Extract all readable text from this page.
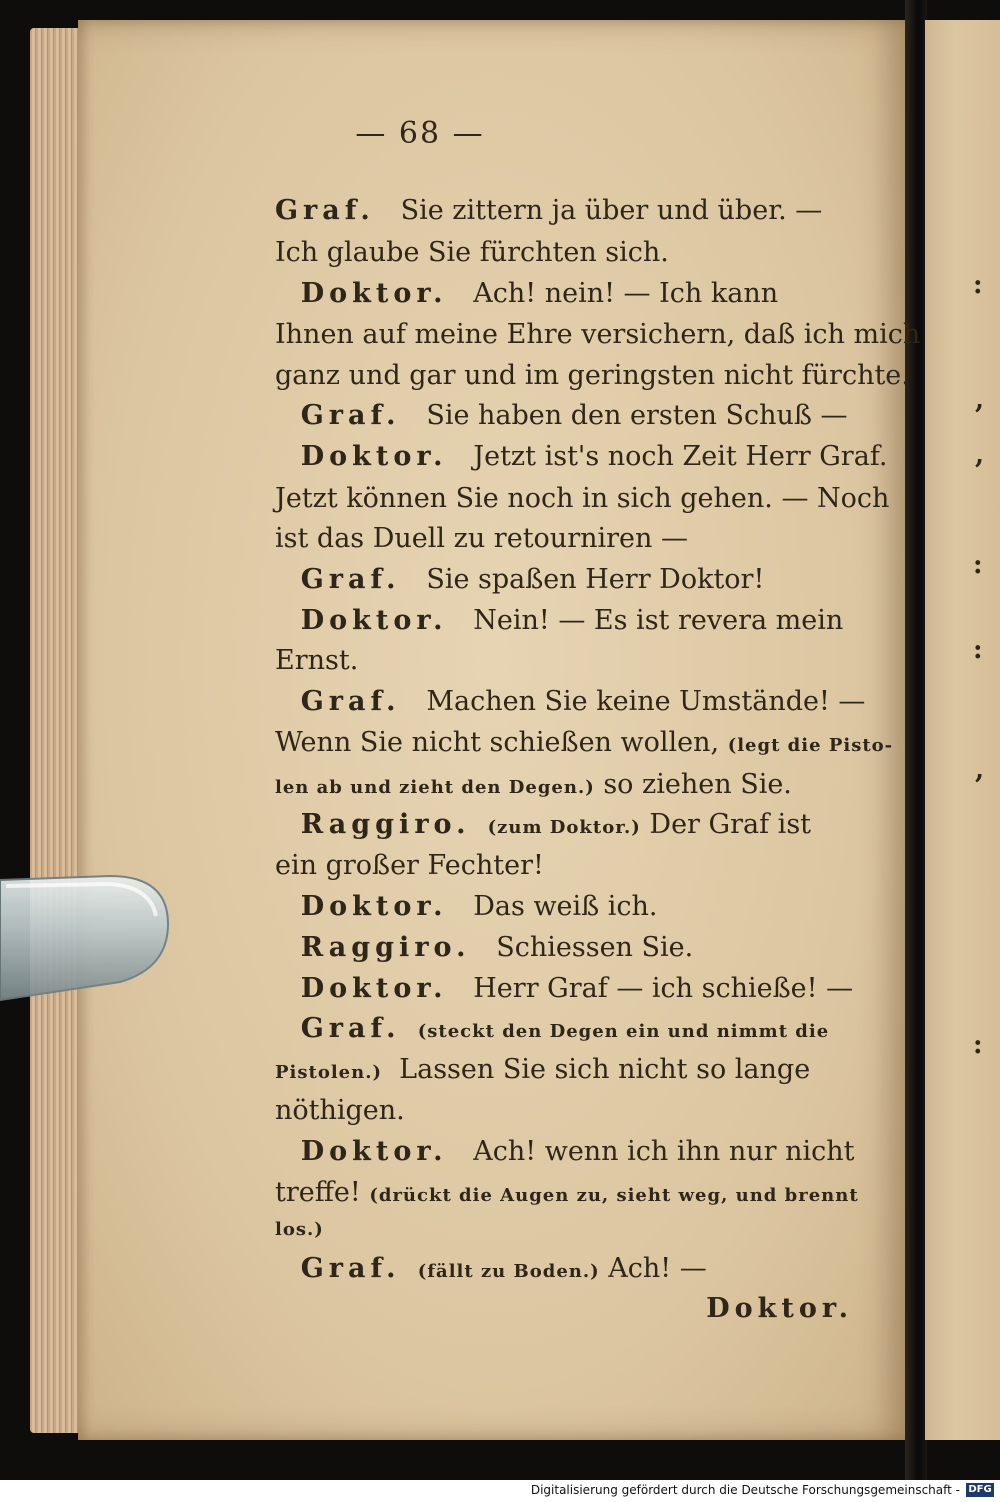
:
,
,
:
:
,
:
— 68 —
Graf. Sie zittern ja über und über. —
Ich glaube Sie fürchten sich.
Doktor. Ach! nein! — Ich kann
Ihnen auf meine Ehre versichern, daß ich mich
ganz und gar und im geringsten nicht fürchte.
Graf. Sie haben den ersten Schuß —
Doktor. Jetzt ist's noch Zeit Herr Graf.
Jetzt können Sie noch in sich gehen. — Noch
ist das Duell zu retourniren —
Graf. Sie spaßen Herr Doktor!
Doktor. Nein! — Es ist revera mein
Ernst.
Graf. Machen Sie keine Umstände! —
Wenn Sie nicht schießen wollen, (legt die Pisto-
len ab und zieht den Degen.) so ziehen Sie.
Raggiro. (zum Doktor.) Der Graf ist
ein großer Fechter!
Doktor. Das weiß ich.
Raggiro. Schiessen Sie.
Doktor. Herr Graf — ich schieße! —
Graf. (steckt den Degen ein und nimmt die
Pistolen.) Lassen Sie sich nicht so lange
nöthigen.
Doktor. Ach! wenn ich ihn nur nicht
treffe! (drückt die Augen zu, sieht weg, und brennt
los.)
Graf. (fällt zu Boden.) Ach! —
Doktor.
Digitalisierung gefördert durch die Deutsche Forschungsgemeinschaft - DFG
